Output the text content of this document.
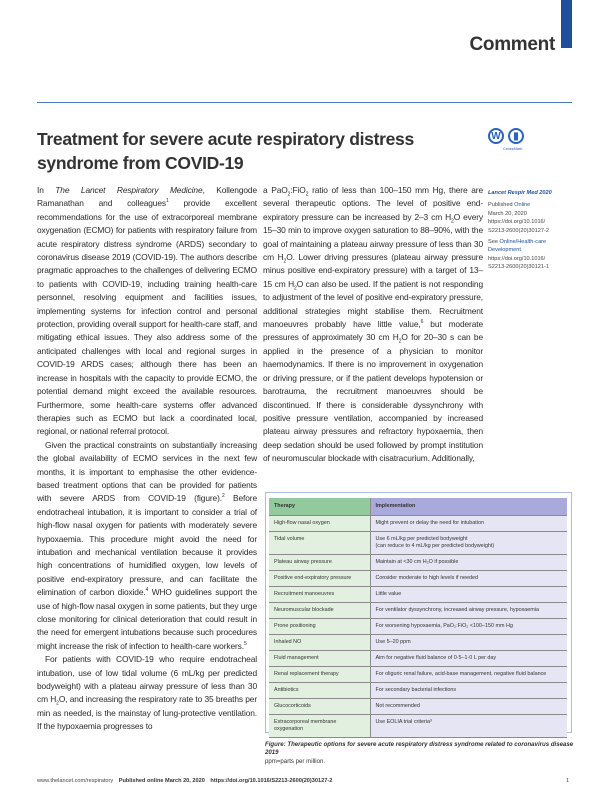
Comment
Treatment for severe acute respiratory distress syndrome from COVID-19
W	▮
CrossMark

In The Lancet Respiratory Medicine, Kollengode Ramanathan and colleagues$^1$ provide excellent recommendations for the use of extracorporeal membrane oxygenation (ECMO) for patients with respiratory failure from acute respiratory distress syndrome (ARDS) secondary to coronavirus disease 2019 (COVID-19). The authors describe pragmatic approaches to the challenges of delivering ECMO to patients with COVID-19, including training health-care personnel, resolving equipment and facilities issues, implementing systems for infection control and personal protection, providing overall support for health-care staff, and mitigating ethical issues. They also address some of the anticipated challenges with local and regional surges in COVID-19 ARDS cases; although there has been an increase in hospitals with the capacity to provide ECMO, the potential demand might exceed the available resources. Furthermore, some health-care systems offer advanced therapies such as ECMO but lack a coordinated local, regional, or national referral protocol.

Given the practical constraints on substantially increasing the global availability of ECMO services in the next few months, it is important to emphasise the other evidence-based treatment options that can be provided for patients with severe ARDS from COVID-19 (figure).$^2$ Before endotracheal intubation, it is important to consider a trial of high-flow nasal oxygen for patients with moderately severe hypoxaemia. This procedure might avoid the need for intubation and mechanical ventilation because it provides high concentrations of humidified oxygen, low levels of positive end-expiratory pressure, and can facilitate the elimination of carbon dioxide.$^4$ WHO guidelines support the use of high-flow nasal oxygen in some patients, but they urge close monitoring for clinical deterioration that could result in the need for emergent intubations because such procedures might increase the risk of infection to health-care workers.$^5$

For patients with COVID-19 who require endotracheal intubation, use of low tidal volume (6 mL/kg per predicted bodyweight) with a plateau airway pressure of less than 30 cm $H_2O$, and increasing the respiratory rate to 35 breaths per min as needed, is the mainstay of lung-protective ventilation. If the hypoxaemia progresses to

a PaO$_2$:FiO$_2$ ratio of less than 100–150 mm Hg, there are several therapeutic options. The level of positive end-expiratory pressure can be increased by 2–3 cm $H_2O$ every 15–30 min to improve oxygen saturation to 88–90%, with the goal of maintaining a plateau airway pressure of less than 30 cm $H_2O$. Lower driving pressures (plateau airway pressure minus positive end-expiratory pressure) with a target of 13–15 cm $H_2O$ can also be used. If the patient is not responding to adjustment of the level of positive end-expiratory pressure, additional strategies might stabilise them. Recruitment manoeuvres probably have little value,$^6$ but moderate pressures of approximately 30 cm $H_2O$ for 20–30 s can be applied in the presence of a physician to monitor haemodynamics. If there is no improvement in oxygenation or driving pressure, or if the patient develops hypotension or barotrauma, the recruitment manoeuvres should be discontinued. If there is considerable dyssynchrony with positive pressure ventilation, accompanied by increased plateau airway pressures and refractory hypoxaemia, then deep sedation should be used followed by prompt institution of neuromuscular blockade with cisatracurium. Additionally,

Lancet Respir Med 2020
Published Online
March 20, 2020
https://doi.org/10.1016/
S2213-2600(20)30127-2
See Online/Health-care Development
https://doi.org/10.1016/
S2213-2600(20)30121-1
Therapy	Implementation
High-flow nasal oxygen	Might prevent or delay the need for intubation
Tidal volume	Use 6 mL/kg per predicted bodyweight
(can reduce to 4 mL/kg per predicted bodyweight)
Plateau airway pressure	Maintain at <30 cm H₂O if possible
Positive end-expiratory pressure	Consider moderate to high levels if needed
Recruitment manoeuvres	Little value
Neuromuscular blockade	For ventilator dyssynchrony, increased airway pressure, hypoxaemia
Prone positioning	For worsening hypoxaemia, PaO₂:FiO₂ <100–150 mm Hg
Inhaled NO	Use 5–20 ppm
Fluid management	Aim for negative fluid balance of 0·5–1·0 L per day
Renal replacement therapy	For oliguric renal failure, acid-base management, negative fluid balance
Antibiotics	For secondary bacterial infections
Glucocorticoids	Not recommended
Extracorporeal membrane oxygenation	Use EOLIA trial criteria³
Figure: Therapeutic options for severe acute respiratory distress syndrome related to coronavirus disease 2019
ppm=parts per million.
www.thelancet.com/respiratory Published online March 20, 2020 https://doi.org/10.1016/S2213-2600(20)30127-2	1
